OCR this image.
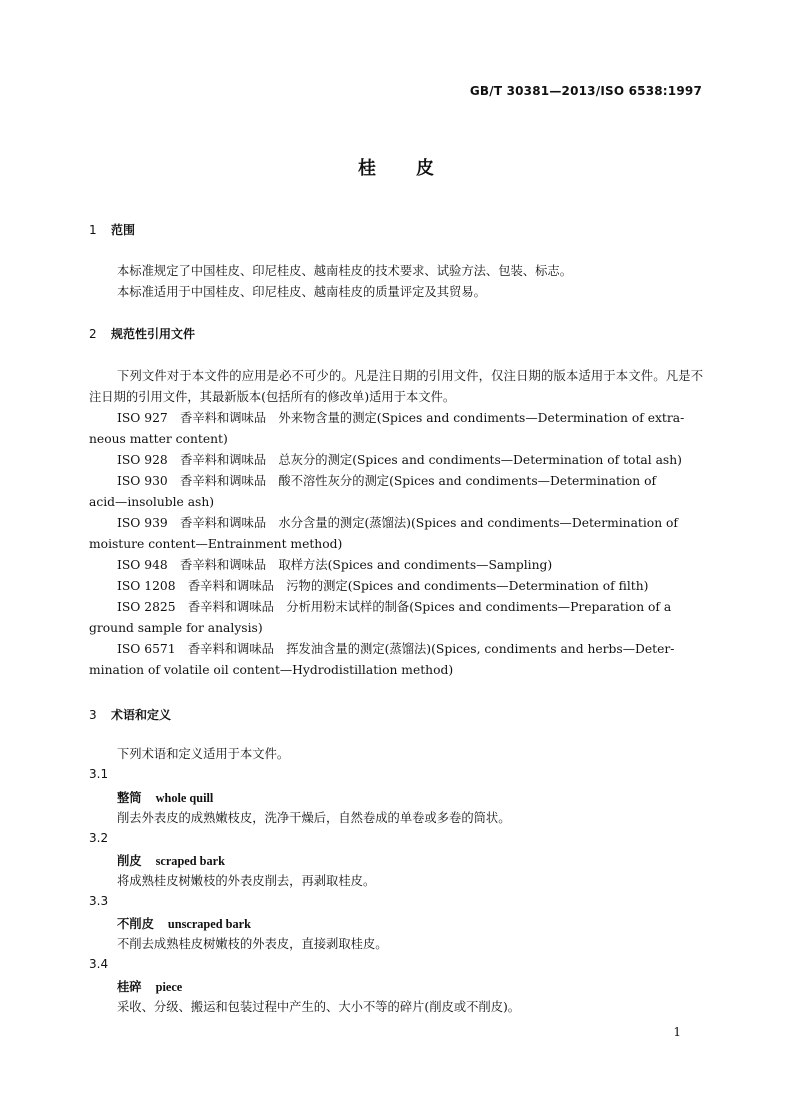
GB/T 30381—2013/ISO 6538:1997
桂皮
1 范围
本标准规定了中国桂皮、印尼桂皮、越南桂皮的技术要求、试验方法、包装、标志。
本标准适用于中国桂皮、印尼桂皮、越南桂皮的质量评定及其贸易。
2 规范性引用文件
下列文件对于本文件的应用是必不可少的。凡是注日期的引用文件，仅注日期的版本适用于本文件。凡是不注日期的引用文件，其最新版本(包括所有的修改单)适用于本文件。
ISO 927　香辛料和调味品　外来物含量的测定(Spices and condiments—Determination of extra-
neous matter content)
ISO 928　香辛料和调味品　总灰分的测定(Spices and condiments—Determination of total ash)
ISO 930　香辛料和调味品　酸不溶性灰分的测定(Spices and condiments—Determination of
acid—insoluble ash)
ISO 939　香辛料和调味品　水分含量的测定(蒸馏法)(Spices and condiments—Determination of
moisture content—Entrainment method)
ISO 948　香辛料和调味品　取样方法(Spices and condiments—Sampling)
ISO 1208　香辛料和调味品　污物的测定(Spices and condiments—Determination of filth)
ISO 2825　香辛料和调味品　分析用粉末试样的制备(Spices and condiments—Preparation of a
ground sample for analysis)
ISO 6571　香辛料和调味品　挥发油含量的测定(蒸馏法)(Spices, condiments and herbs—Deter-
mination of volatile oil content—Hydrodistillation method)
3 术语和定义
下列术语和定义适用于本文件。
3.1
整筒 whole quill
削去外表皮的成熟嫩枝皮，洗净干燥后，自然卷成的单卷或多卷的筒状。
3.2
削皮 scraped bark
将成熟桂皮树嫩枝的外表皮削去，再剥取桂皮。
3.3
不削皮 unscraped bark
不削去成熟桂皮树嫩枝的外表皮，直接剥取桂皮。
3.4
桂碎 piece
采收、分级、搬运和包装过程中产生的、大小不等的碎片(削皮或不削皮)。
1
